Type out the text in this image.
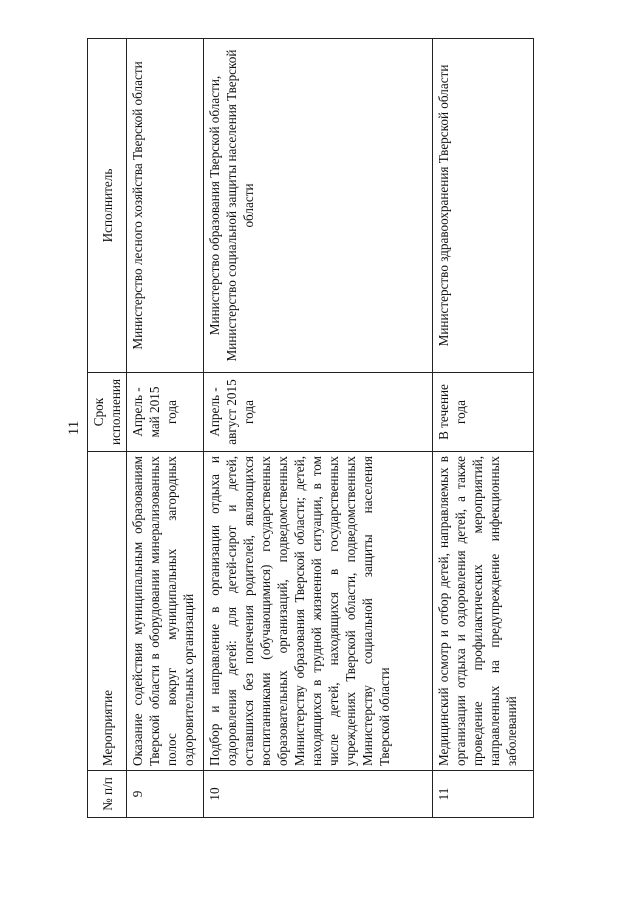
11
№ п/п	Мероприятие	Срок исполнения	Исполнитель
9	Оказание содействия муниципальным образованиям Тверской области в оборудовании минерализованных полос вокруг муниципальных загородных оздоровительных организаций	Апрель - май 2015 года	Министерство лесного хозяйства Тверской области
10	Подбор и направление в организации отдыха и оздоровления детей: для детей-сирот и детей, оставшихся без попечения родителей, являющихся воспитанниками (обучающимися) государственных образовательных организаций, подведомственных Министерству образования Тверской области; детей, находящихся в трудной жизненной ситуации, в том числе детей, находящихся в государственных учреждениях Тверской области, подведомственных Министерству социальной защиты населения Тверской области	Апрель - август 2015 года	Министерство образования Тверской области, Министерство социальной защиты населения Тверской области
11	Медицинский осмотр и отбор детей, направляемых в организации отдыха и оздоровления детей, а также проведение профилактических мероприятий, направленных на предупреждение инфекционных заболеваний	В течение года	Министерство здравоохранения Тверской области
